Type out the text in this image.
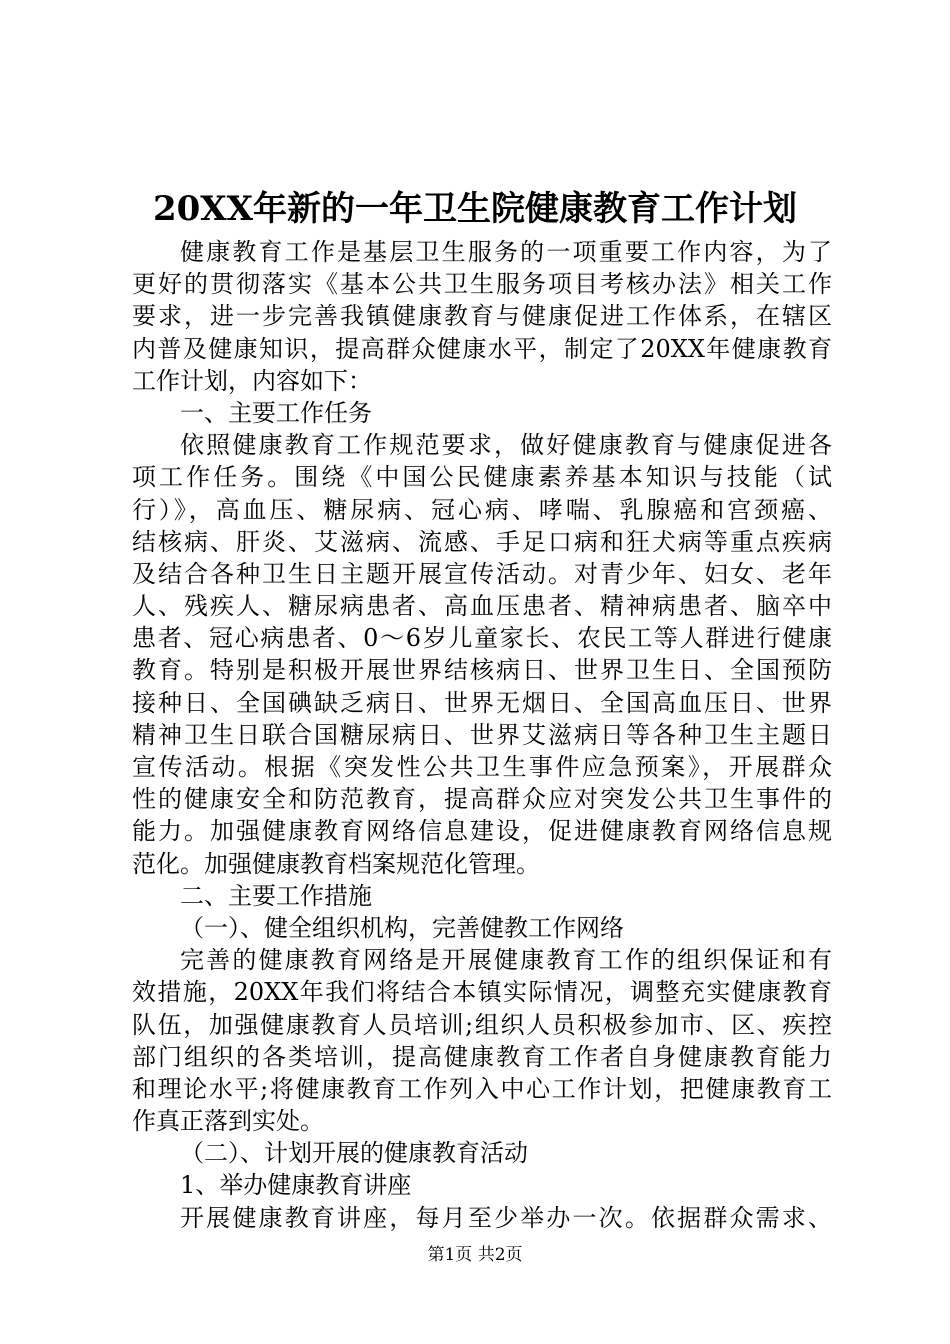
20XX年新的一年卫生院健康教育工作计划
健康教育工作是基层卫生服务的一项重要工作内容，为了
更好的贯彻落实《基本公共卫生服务项目考核办法》相关工作
要求，进一步完善我镇健康教育与健康促进工作体系，在辖区
内普及健康知识，提高群众健康水平，制定了20XX年健康教育
工作计划，内容如下：
一、主要工作任务
依照健康教育工作规范要求，做好健康教育与健康促进各
项工作任务。围绕《中国公民健康素养基本知识与技能（试
行）》，高血压、糖尿病、冠心病、哮喘、乳腺癌和宫颈癌、
结核病、肝炎、艾滋病、流感、手足口病和狂犬病等重点疾病
及结合各种卫生日主题开展宣传活动。对青少年、妇女、老年
人、残疾人、糖尿病患者、高血压患者、精神病患者、脑卒中
患者、冠心病患者、0～6岁儿童家长、农民工等人群进行健康
教育。特别是积极开展世界结核病日、世界卫生日、全国预防
接种日、全国碘缺乏病日、世界无烟日、全国高血压日、世界
精神卫生日联合国糖尿病日、世界艾滋病日等各种卫生主题日
宣传活动。根据《突发性公共卫生事件应急预案》，开展群众
性的健康安全和防范教育，提高群众应对突发公共卫生事件的
能力。加强健康教育网络信息建设，促进健康教育网络信息规
范化。加强健康教育档案规范化管理。
二、主要工作措施
（一）、健全组织机构，完善健教工作网络
完善的健康教育网络是开展健康教育工作的组织保证和有
效措施，20XX年我们将结合本镇实际情况，调整充实健康教育
队伍，加强健康教育人员培训;组织人员积极参加市、区、疾控
部门组织的各类培训，提高健康教育工作者自身健康教育能力
和理论水平;将健康教育工作列入中心工作计划，把健康教育工
作真正落到实处。
（二）、计划开展的健康教育活动
1、举办健康教育讲座
开展健康教育讲座，每月至少举办一次。依据群众需求、
第1页 共2页
